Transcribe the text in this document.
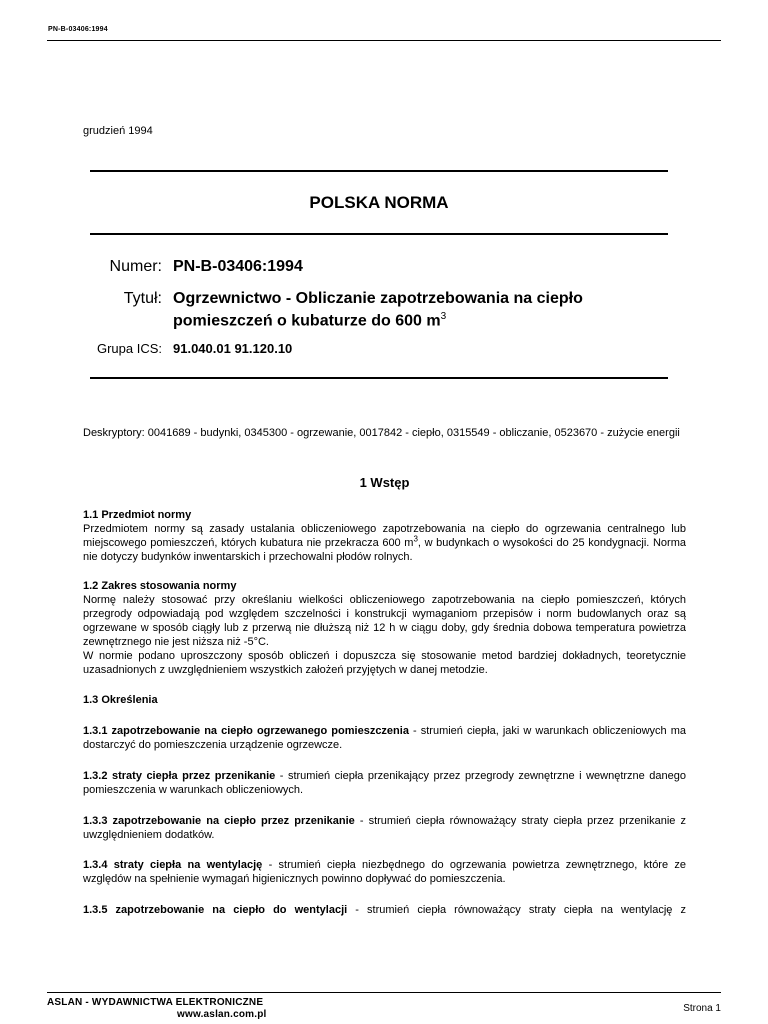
PN-B-03406:1994
grudzień 1994
POLSKA NORMA
Numer: PN-B-03406:1994
Tytuł: Ogrzewnictwo - Obliczanie zapotrzebowania na ciepło
pomieszczeń o kubaturze do 600 $m^3$
Grupa ICS: 91.040.01 91.120.10
Deskryptory: 0041689 - budynki, 0345300 - ogrzewanie, 0017842 - ciepło, 0315549 - obliczanie, 0523670 - zużycie energii
1 Wstęp
1.1 Przedmiot normy
Przedmiotem normy są zasady ustalania obliczeniowego zapotrzebowania na ciepło do ogrzewania centralnego lub miejscowego pomieszczeń, których kubatura nie przekracza 600 $m^3$, w budynkach o wysokości do 25 kondygnacji. Norma nie dotyczy budynków inwentarskich i przechowalni płodów rolnych.
1.2 Zakres stosowania normy
Normę należy stosować przy określaniu wielkości obliczeniowego zapotrzebowania na ciepło pomieszczeń, których przegrody odpowiadają pod względem szczelności i konstrukcji wymaganiom przepisów i norm budowlanych oraz są ogrzewane w sposób ciągły lub z przerwą nie dłuższą niż 12 h w ciągu doby, gdy średnia dobowa temperatura powietrza zewnętrznego nie jest niższa niż -5°C.
W normie podano uproszczony sposób obliczeń i dopuszcza się stosowanie metod bardziej dokładnych, teoretycznie uzasadnionych z uwzględnieniem wszystkich założeń przyjętych w danej metodzie.
1.3 Określenia
1.3.1 zapotrzebowanie na ciepło ogrzewanego pomieszczenia - strumień ciepła, jaki w warunkach obliczeniowych ma dostarczyć do pomieszczenia urządzenie ogrzewcze.
1.3.2 straty ciepła przez przenikanie - strumień ciepła przenikający przez przegrody zewnętrzne i wewnętrzne danego pomieszczenia w warunkach obliczeniowych.
1.3.3 zapotrzebowanie na ciepło przez przenikanie - strumień ciepła równoważący straty ciepła przez przenikanie z uwzględnieniem dodatków.
1.3.4 straty ciepła na wentylację - strumień ciepła niezbędnego do ogrzewania powietrza zewnętrznego, które ze względów na spełnienie wymagań higienicznych powinno dopływać do pomieszczenia.
1.3.5 zapotrzebowanie na ciepło do wentylacji - strumień ciepła równoważący straty ciepła na wentylację z
ASLAN - WYDAWNICTWA ELEKTRONICZNE
www.aslan.com.pl
Strona 1
